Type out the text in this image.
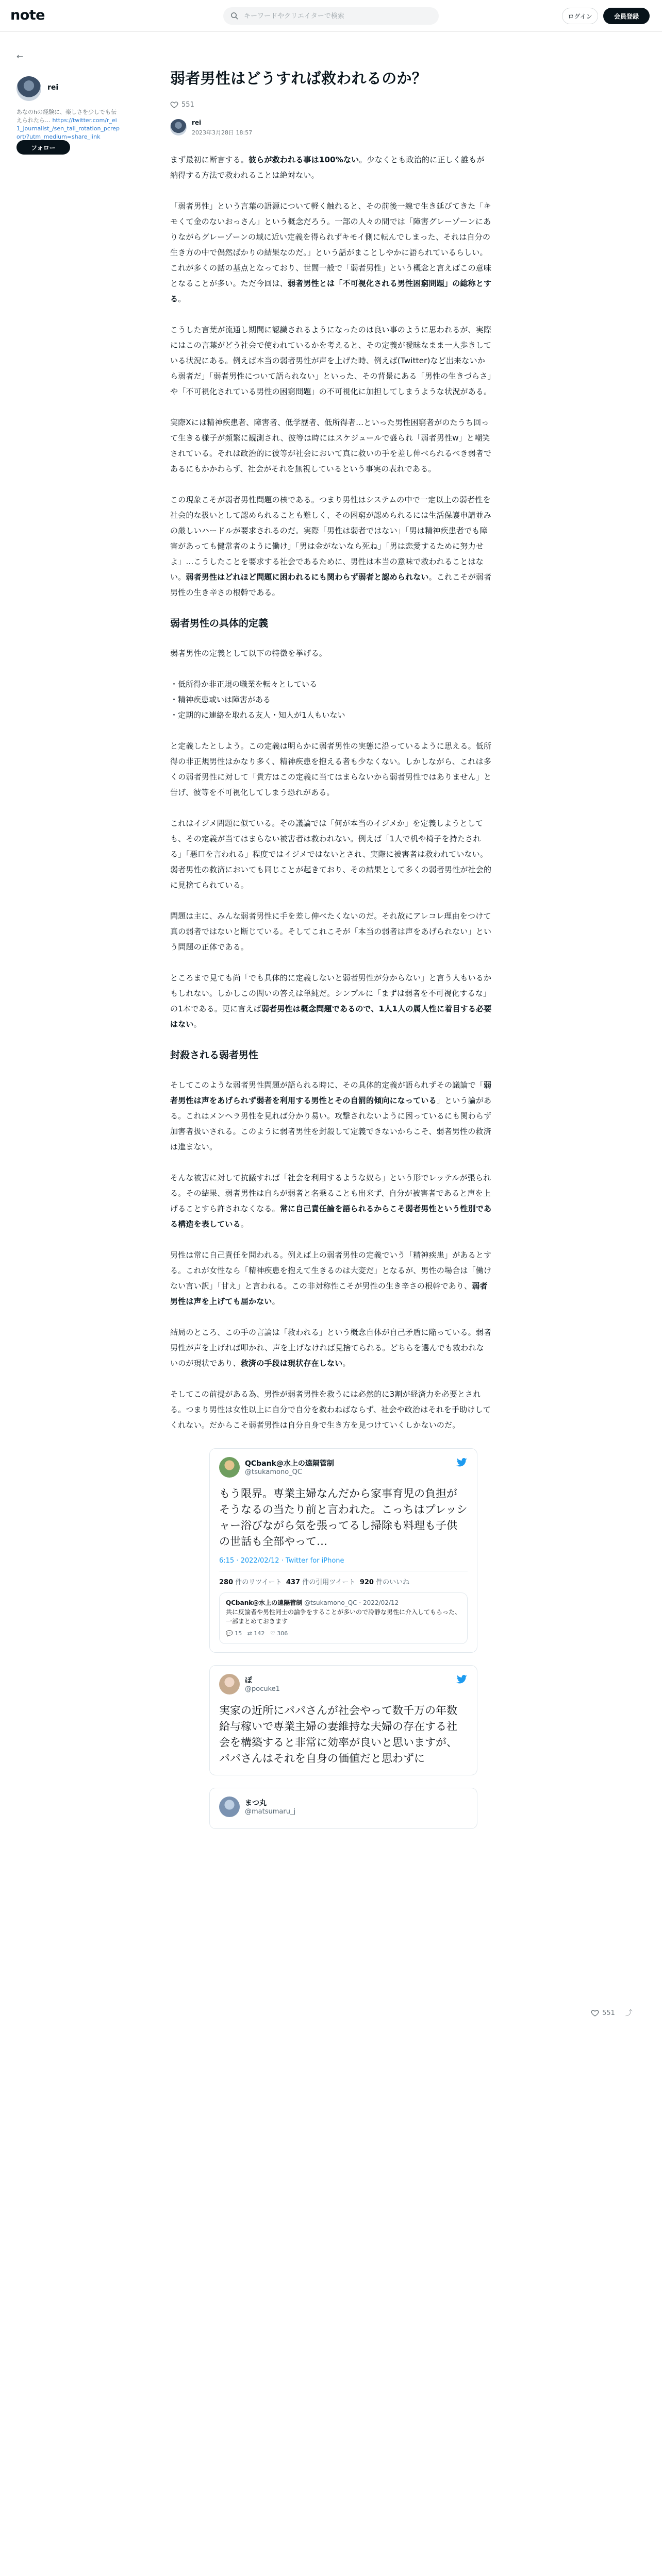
note
キーワードやクリエイターで検索	ログイン	会員登録
←
rei
あなのhの経験に、楽しさを少しでも伝えられたら… https://twitter.com/r_ei1_journalist_/sen_tail_rotation_pcreport/?utm_medium=share_link
フォロー
弱者男性はどうすれば救われるのか？
551
rei
2023年3月28日 18:57

まず最初に断言する。彼らが救われる事は100%ない。少なくとも政治的に正しく誰もが納得する方法で救われることは絶対ない。

「弱者男性」という言葉の語源について軽く触れると、その前後一線で生き延びてきた「キモくて金のないおっさん」という概念だろう。一部の人々の間では「障害グレーゾーンにありながらグレーゾーンの域に近い定義を得られずキモイ側に転んでしまった、それは自分の生き方の中で偶然ばかりの結果なのだ。」という話がまことしやかに語られているらしい。これが多くの話の基点となっており、世間一般で「弱者男性」という概念と言えばこの意味となることが多い。ただ今回は、弱者男性とは「不可視化される男性困窮問題」の総称とする。

こうした言葉が流通し期間に認識されるようになったのは良い事のように思われるが、実際にはこの言葉がどう社会で使われているかを考えると、その定義が曖昧なまま一人歩きしている状況にある。例えば本当の弱者男性が声を上げた時、例えば(Twitter)など出来ないから弱者だ」「弱者男性について語られない」といった、その背景にある「男性の生きづらさ」や「不可視化されている男性の困窮問題」の不可視化に加担してしまうような状況がある。

実際Xには精神疾患者、障害者、低学歴者、低所得者…といった男性困窮者がのたうち回って生きる様子が頻繁に観測され、彼等は時にはスケジュールで盛られ「弱者男性w」と嘲笑されている。それは政治的に彼等が社会において真に救いの手を差し伸べられるべき弱者であるにもかかわらず、社会がそれを無視しているという事実の表れである。

この現象こそが弱者男性問題の核である。つまり男性はシステムの中で一定以上の弱者性を社会的な扱いとして認められることも難しく、その困窮が認められるには生活保護申請並みの厳しいハードルが要求されるのだ。実際「男性は弱者ではない」「男は精神疾患者でも障害があっても健常者のように働け」「男は金がないなら死ね」「男は恋愛するために努力せよ」…こうしたことを要求する社会であるために、男性は本当の意味で救われることはない。弱者男性はどれほど問題に困われるにも関わらず弱者と認められない。これこそが弱者男性の生き辛さの根幹である。

弱者男性の具体的定義

弱者男性の定義として以下の特徴を挙げる。

・低所得か非正規の職業を転々としている
・精神疾患或いは障害がある
・定期的に連絡を取れる友人・知人が1人もいない

と定義したとしよう。この定義は明らかに弱者男性の実態に沿っているように思える。低所得の非正規男性はかなり多く、精神疾患を抱える者も少なくない。しかしながら、これは多くの弱者男性に対して「貴方はこの定義に当てはまらないから弱者男性ではありません」と告げ、彼等を不可視化してしまう恐れがある。

これはイジメ問題に似ている。その議論では「何が本当のイジメか」を定義しようとしても、その定義が当てはまらない被害者は救われない。例えば「1人で机や椅子を持たされる」「悪口を言われる」程度ではイジメではないとされ、実際に被害者は救われていない。弱者男性の救済においても同じことが起きており、その結果として多くの弱者男性が社会的に見捨てられている。

問題は主に、みんな弱者男性に手を差し伸べたくないのだ。それ故にアレコレ理由をつけて真の弱者ではないと断じている。そしてこれこそが「本当の弱者は声をあげられない」という問題の正体である。

ところまで見ても尚「でも具体的に定義しないと弱者男性が分からない」と言う人もいるかもしれない。しかしこの問いの答えは単純だ。シンプルに「まずは弱者を不可視化するな」の1本である。更に言えば弱者男性は概念問題であるので、1人1人の属人性に着目する必要はない。

封殺される弱者男性

そしてこのような弱者男性問題が語られる時に、その具体的定義が語られずその議論で「弱者男性は声をあげられず弱者を利用する男性とその自罰的傾向になっている」という論がある。これはメンヘラ男性を見れば分かり易い。攻撃されないように困っているにも関わらず加害者扱いされる。このように弱者男性を封殺して定義できないからこそ、弱者男性の救済は進まない。

そんな被害に対して抗議すれば「社会を利用するような奴ら」という形でレッテルが張られる。その結果、弱者男性は自らが弱者と名乗ることも出来ず、自分が被害者であると声を上げることすら許されなくなる。常に自己責任論を語られるからこそ弱者男性という性別である構造を表している。

男性は常に自己責任を問われる。例えば上の弱者男性の定義でいう「精神疾患」があるとする。これが女性なら「精神疾患を抱えて生きるのは大変だ」となるが、男性の場合は「働けない言い訳」「甘え」と言われる。この非対称性こそが男性の生き辛さの根幹であり、弱者男性は声を上げても届かない。

結局のところ、この手の言論は「救われる」という概念自体が自己矛盾に陥っている。弱者男性が声を上げれば叩かれ、声を上げなければ見捨てられる。どちらを選んでも救われないのが現状であり、救済の手段は現状存在しない。

そしてこの前提がある為、男性が弱者男性を救うには必然的に3割が経済力を必要とされる。つまり男性は女性以上に自分で自分を救わねばならず、社会や政治はそれを手助けしてくれない。だからこそ弱者男性は自分自身で生き方を見つけていくしかないのだ。

QCbank@水上の遠隔管制
@tsukamono_QC
もう限界。専業主婦なんだから家事育児の負担がそうなるの当たり前と言われた。こっちはプレッシャー浴びながら気を張ってるし掃除も料理も子供の世話も全部やって…
6:15 · 2022/02/12 · Twitter for iPhone
280 件のリツイート 437 件の引用ツイート 920 件のいいね
QCbank@水上の遠隔管制 @tsukamono_QC · 2022/02/12
共に反論者や男性同士の論争をすることが多いので冷静な男性に介入してもらった、一部まとめておきます
💬 15 ⇄ 142 ♡ 306
ぽ
@pocuke1
実家の近所にパパさんが社会やって数千万の年数給与稼いで専業主婦の妻維持な夫婦の存在する社会を構築すると非常に効率が良いと思いますが、パパさんはそれを自身の価値だと思わずに
まつ丸
@matsumaru_j
551 ⤴
